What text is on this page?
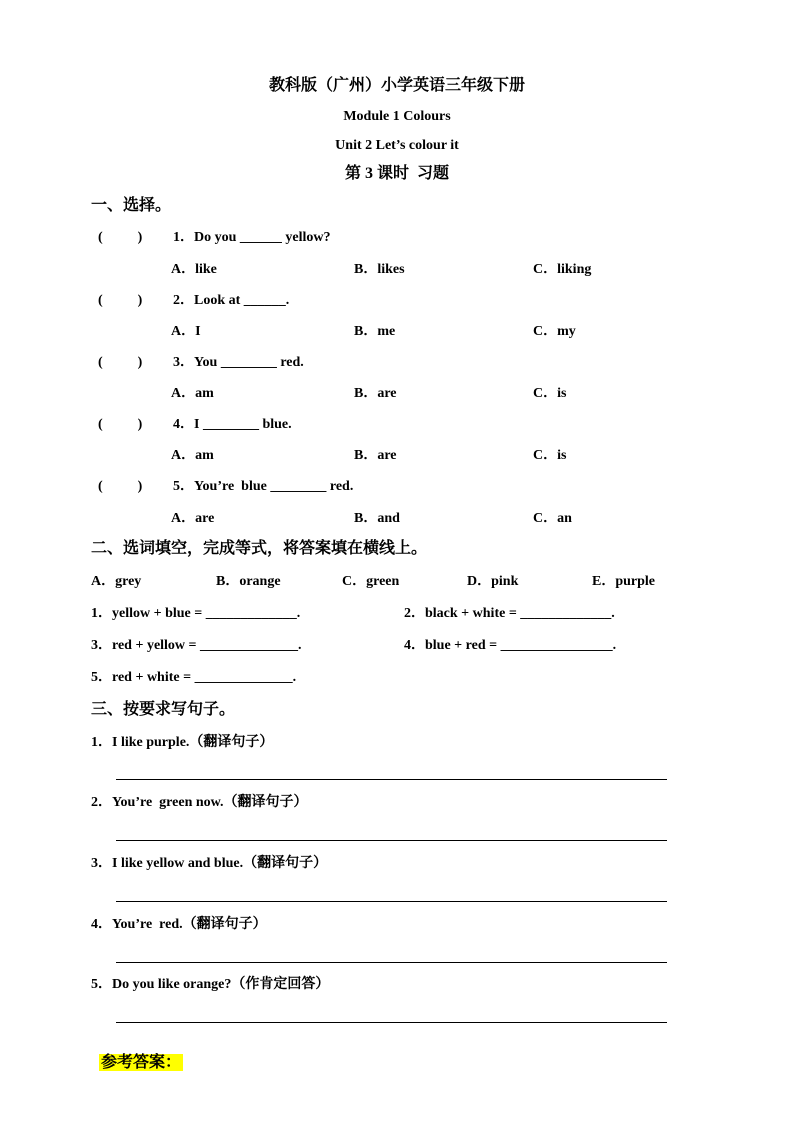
教科版（广州）小学英语三年级下册
Module 1 Colours
Unit 2 Let’s colour it
第 3 课时  习题
一、选择。
(          ) 1．Do you ______ yellow?
A．like	B．likes	C．liking
(          ) 2．Look at ______.
A．I	B．me	C．my
(          ) 3．You ________ red.
A．am	B．are	C．is
(          ) 4．I ________ blue.
A．am	B．are	C．is
(          ) 5．You’re  blue ________ red.
A．are	B．and	C．an
二、选词填空，完成等式，将答案填在横线上。
A．grey	B．orange	C．green	D．pink	E．purple
1．yellow + blue = _____________.	2．black + white = _____________.
3．red + yellow = ______________.	4．blue + red = ________________.
5．red + white = ______________.
三、按要求写句子。
1．I like purple.（翻译句子）
2．You’re  green now.（翻译句子）
3．I like yellow and blue.（翻译句子）
4．You’re  red.（翻译句子）
5．Do you like orange?（作肯定回答）

参考答案：
